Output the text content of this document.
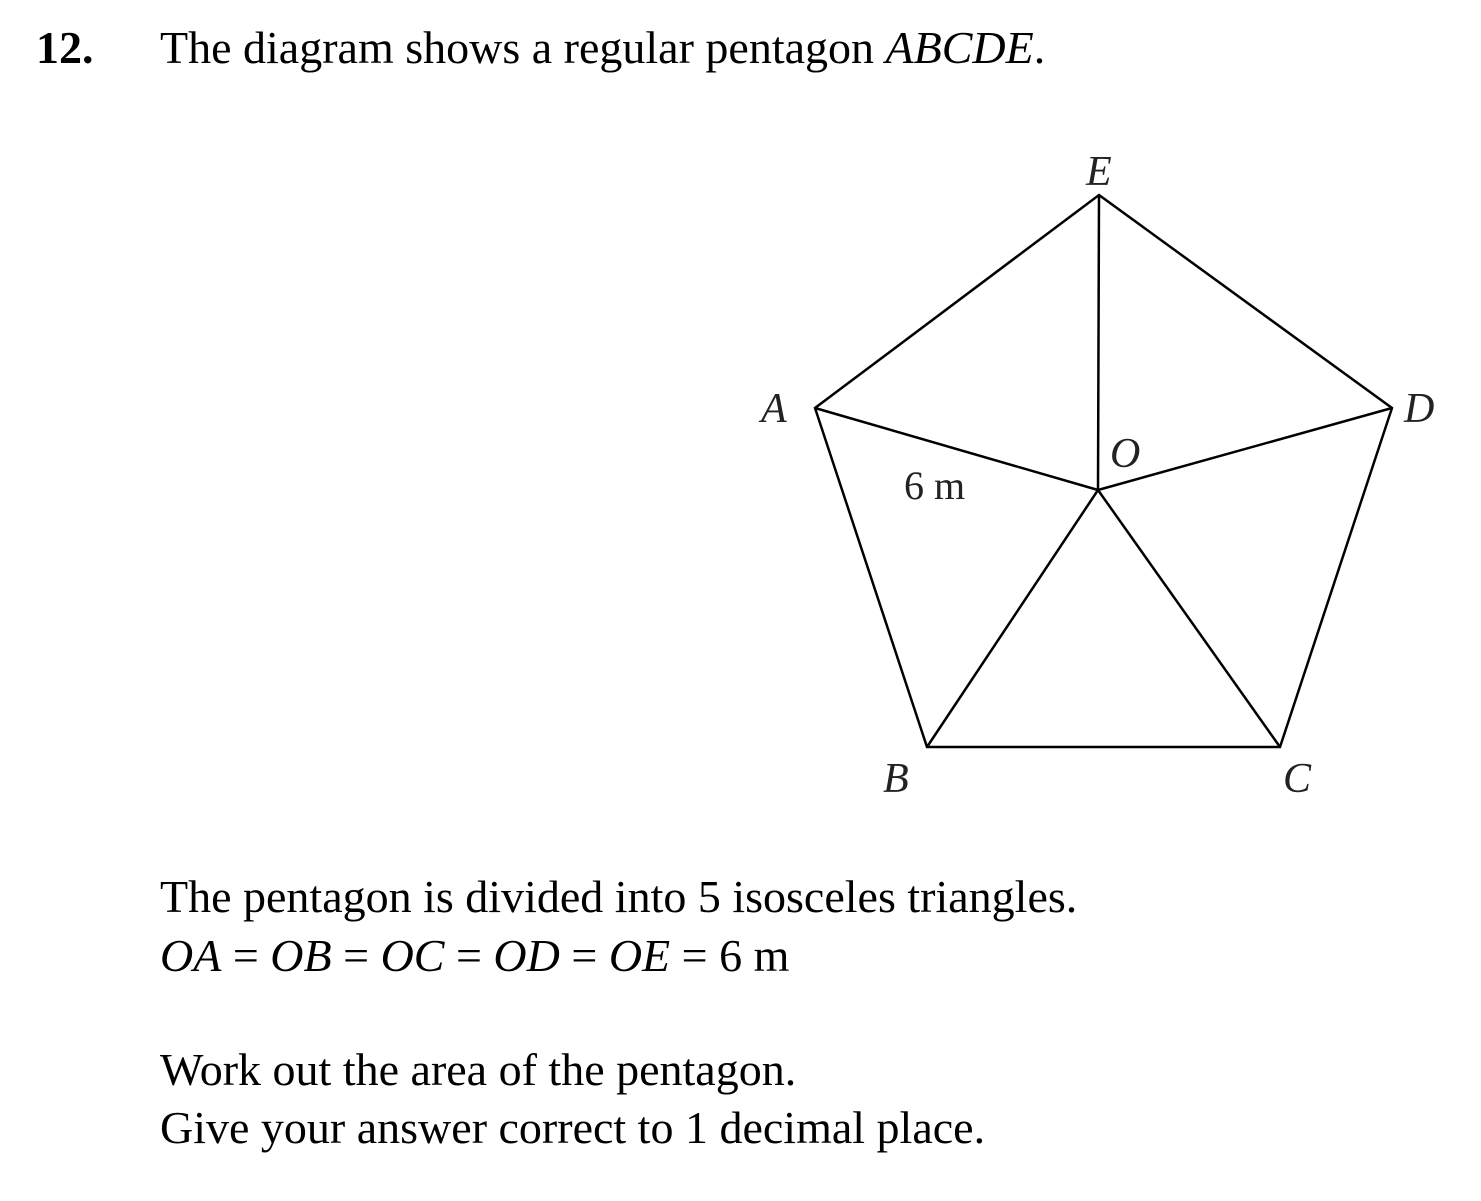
12. The diagram shows a regular pentagon ABCDE.
E
A	D
O
B	C
6 m
The pentagon is divided into 5 isosceles triangles.
OA = OB = OC = OD = OE = 6 m
Work out the area of the pentagon.
Give your answer correct to 1 decimal place.
